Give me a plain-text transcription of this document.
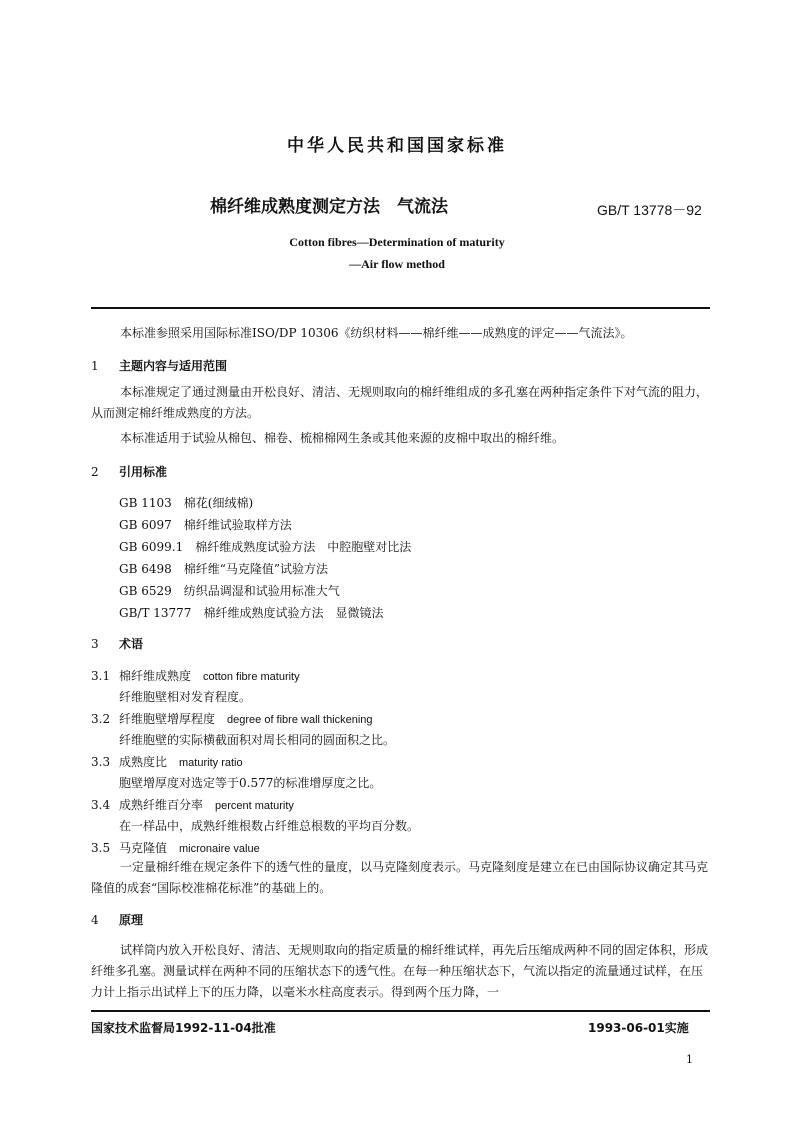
中华人民共和国国家标准
棉纤维成熟度测定方法　气流法	GB/T 13778－92
Cotton fibres—Determination of maturity
—Air flow method
本标准参照采用国际标准ISO/DP 10306《纺织材料——棉纤维——成熟度的评定——气流法》。
1 主题内容与适用范围
本标准规定了通过测量由开松良好、清洁、无规则取向的棉纤维组成的多孔塞在两种指定条件下对气流的阻力，从而测定棉纤维成熟度的方法。
本标准适用于试验从棉包、棉卷、梳棉棉网生条或其他来源的皮棉中取出的棉纤维。
2 引用标准
GB 1103　棉花(细绒棉)
GB 6097　棉纤维试验取样方法
GB 6099.1　棉纤维成熟度试验方法　中腔胞壁对比法
GB 6498　棉纤维“马克隆值”试验方法
GB 6529　纺织品调湿和试验用标准大气
GB/T 13777　棉纤维成熟度试验方法　显微镜法
3 术语
3.1 棉纤维成熟度 cotton fibre maturity
纤维胞壁相对发育程度。
3.2 纤维胞壁增厚程度 degree of fibre wall thickening
纤维胞壁的实际横截面积对周长相同的圆面积之比。
3.3 成熟度比 maturity ratio
胞壁增厚度对选定等于0.577的标准增厚度之比。
3.4 成熟纤维百分率 percent maturity
在一样品中，成熟纤维根数占纤维总根数的平均百分数。
3.5 马克隆值 micronaire value
一定量棉纤维在规定条件下的透气性的量度，以马克隆刻度表示。马克隆刻度是建立在已由国际协议确定其马克隆值的成套“国际校准棉花标准”的基础上的。
4 原理
试样筒内放入开松良好、清洁、无规则取向的指定质量的棉纤维试样，再先后压缩成两种不同的固定体积，形成纤维多孔塞。测量试样在两种不同的压缩状态下的透气性。在每一种压缩状态下，气流以指定的流量通过试样，在压力计上指示出试样上下的压力降，以毫米水柱高度表示。得到两个压力降，一
国家技术监督局1992-11-04批准	1993-06-01实施
1
